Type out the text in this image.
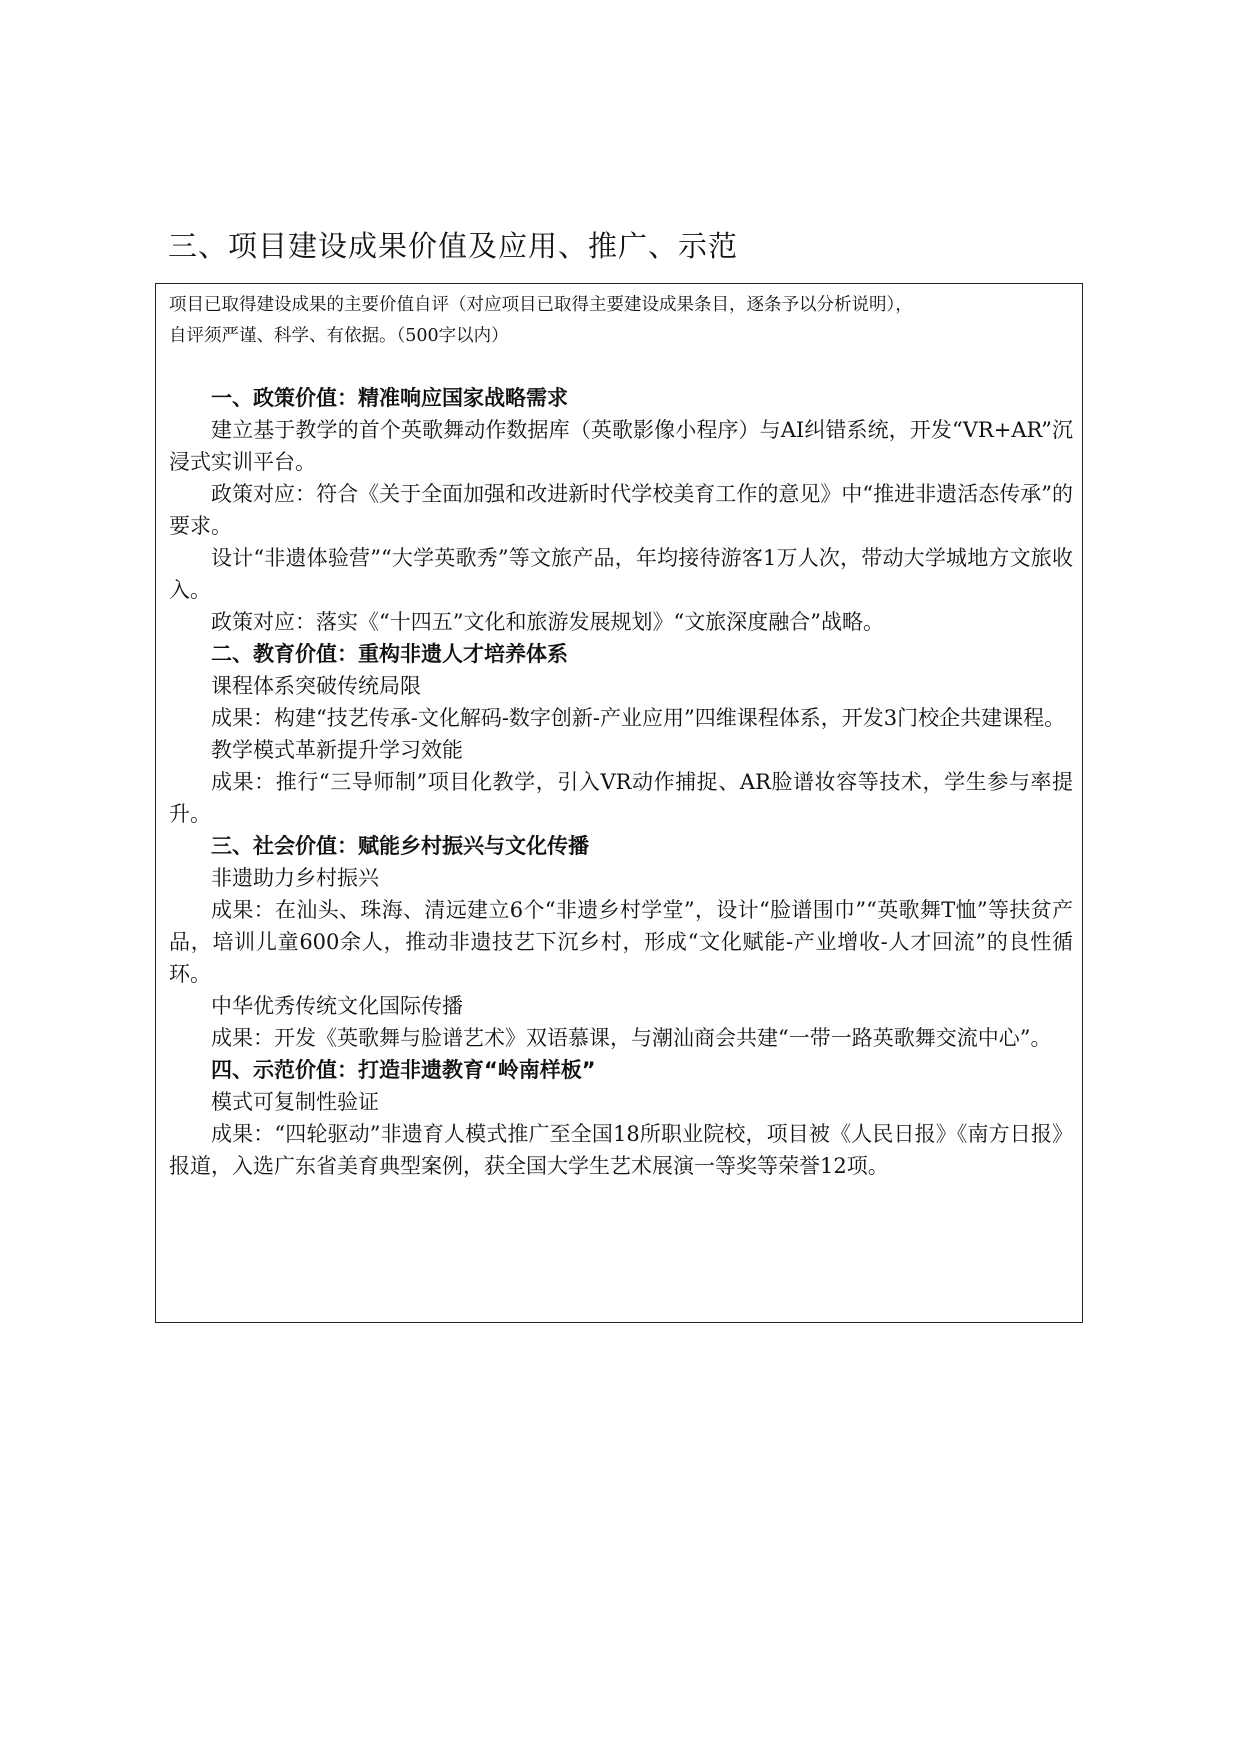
三、项目建设成果价值及应用、推广、示范

项目已取得建设成果的主要价值自评（对应项目已取得主要建设成果条目，逐条予以分析说明），

自评须严谨、科学、有依据。（500字以内）

一、政策价值：精准响应国家战略需求

建立基于教学的首个英歌舞动作数据库（英歌影像小程序）与AI纠错系统，开发“VR+AR”沉浸式实训平台。

政策对应：符合《关于全面加强和改进新时代学校美育工作的意见》中“推进非遗活态传承”的要求。

设计“非遗体验营”“大学英歌秀”等文旅产品，年均接待游客1万人次，带动大学城地方文旅收入。

政策对应：落实《“十四五”文化和旅游发展规划》“文旅深度融合”战略。

二、教育价值：重构非遗人才培养体系

课程体系突破传统局限

成果：构建“技艺传承-文化解码-数字创新-产业应用”四维课程体系，开发3门校企共建课程。

教学模式革新提升学习效能

成果：推行“三导师制”项目化教学，引入VR动作捕捉、AR脸谱妆容等技术，学生参与率提升。

三、社会价值：赋能乡村振兴与文化传播

非遗助力乡村振兴

成果：在汕头、珠海、清远建立6个“非遗乡村学堂”，设计“脸谱围巾”“英歌舞T恤”等扶贫产品，培训儿童600余人，推动非遗技艺下沉乡村，形成“文化赋能-产业增收-人才回流”的良性循环。

中华优秀传统文化国际传播

成果：开发《英歌舞与脸谱艺术》双语慕课，与潮汕商会共建“一带一路英歌舞交流中心”。

四、示范价值：打造非遗教育“岭南样板”

模式可复制性验证

成果：“四轮驱动”非遗育人模式推广至全国18所职业院校，项目被《人民日报》《南方日报》报道，入选广东省美育典型案例，获全国大学生艺术展演一等奖等荣誉12项。
